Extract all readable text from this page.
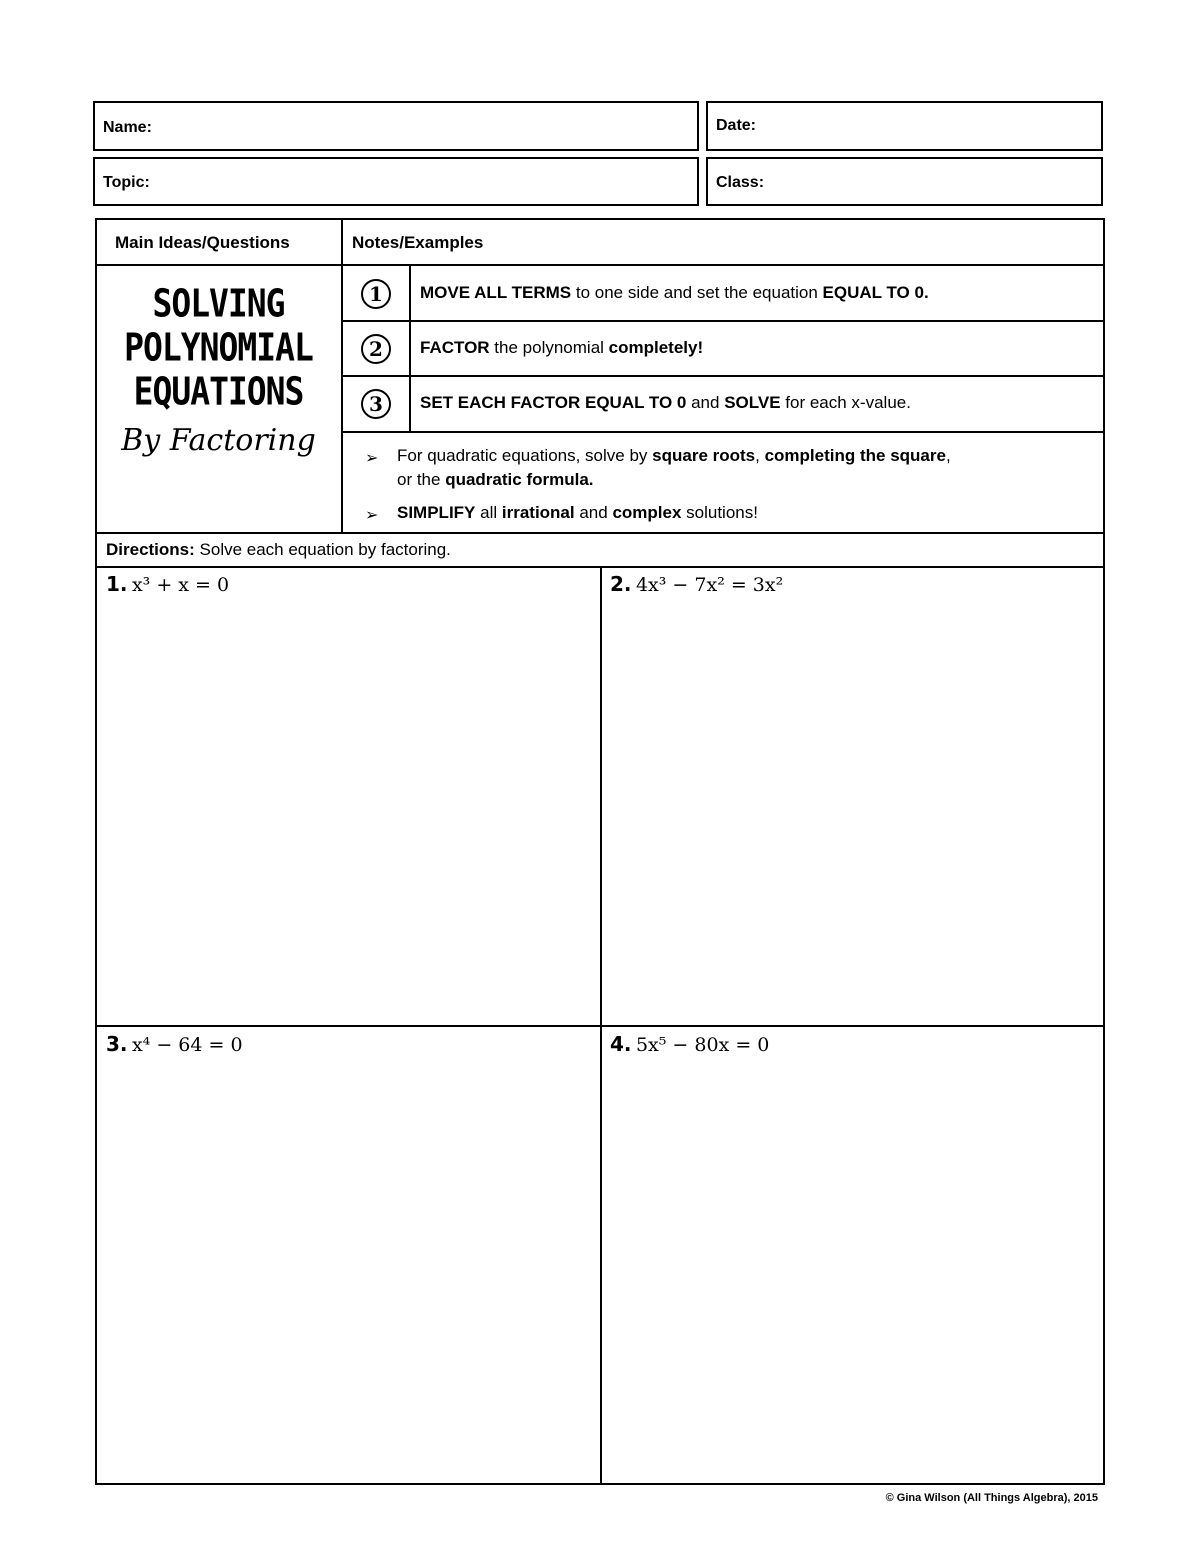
Name:	Date:
Topic:	Class:
Main Ideas/Questions	Notes/Examples
SOLVING
POLYNOMIAL
EQUATIONS
By Factoring
1	MOVE ALL TERMS to one side and set the equation EQUAL TO 0.
2	FACTOR the polynomial completely!
3	SET EACH FACTOR EQUAL TO 0 and SOLVE for each x-value.
➢ For quadratic equations, solve by square roots, completing the square,
or the quadratic formula.
➢ SIMPLIFY all irrational and complex solutions!
Directions: Solve each equation by factoring.
1. x³ + x = 0	2. 4x³ − 7x² = 3x²
3. x⁴ − 64 = 0	4. 5x⁵ − 80x = 0
© Gina Wilson (All Things Algebra), 2015
